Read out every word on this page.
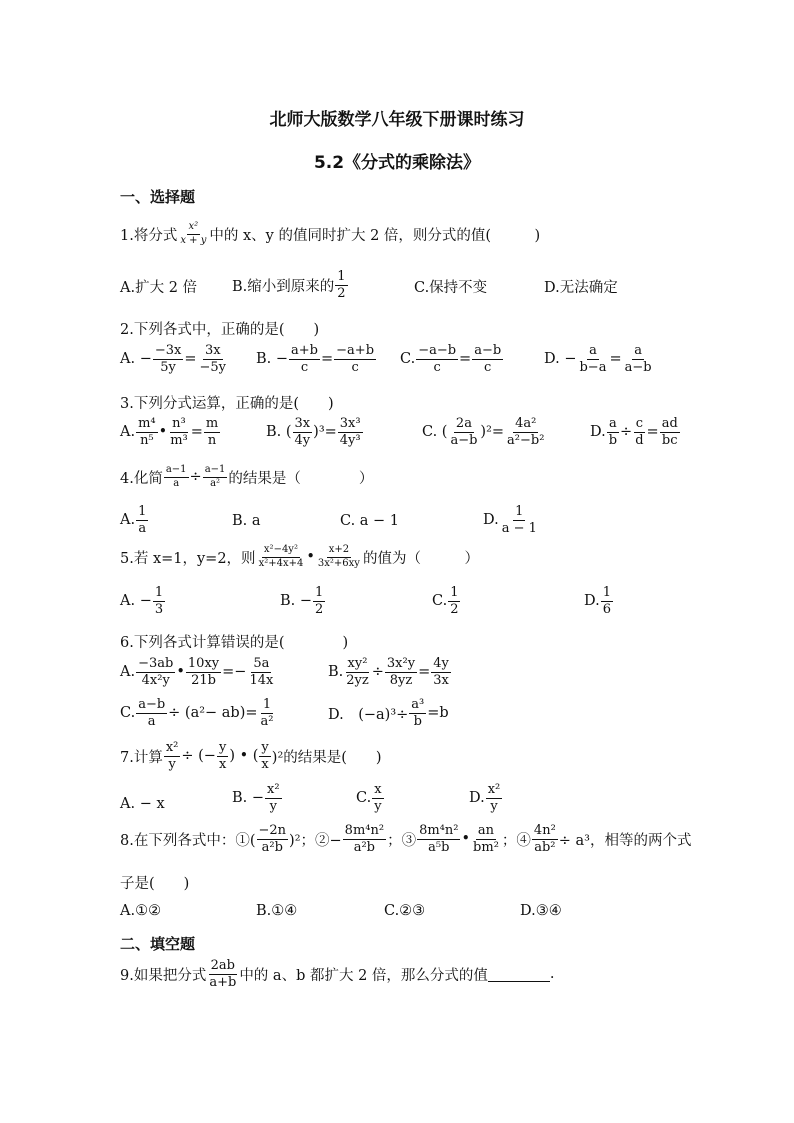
北师大版数学八年级下册课时练习
5.2《分式的乘除法》
一、选择题
1.将分式
x²
x + y 中的 x、y 的值同时扩大 2 倍，则分式的值(　　　)
A.扩大 2 倍 B.缩小到原来的
1
2	C.保持不变	D.无法确定
2.下列各式中，正确的是(　　)
A. − $\frac{-3x}{5y} = \frac{3x}{-5y} B$. − $\frac{a+b}{c} = \frac{-a+b}{c} C$. $\frac{-a-b}{c} = \frac{a-b}{c}$	D. − $\frac{a}{b-a} = \frac{a}{a-b}$
3.下列分式运算，正确的是(　　)
A.
m⁴
n⁵ • $\frac{\text{n³}}{\text{m³}} = \frac{m}{n}$	B. (
3x
4y )$^3= \frac{\text{3x³}}{\text{4y³}}$	C. (
2a
a−b )$^2= \frac{\text{4a²}}{\text{a²−b²}}$	D. $\frac{a}{b} \div \frac{c}{d} = \frac{ad}{bc}$
4.化简 $\frac{a-1}{a} \div \frac{a-1}{\text{a²}}$ 的结果是（　　　　）
A.
1
a	B. a	C. a − 1	D.
1
a − 1
5.若 x=1，y=2，则
x²−4y²
x²+4x+4 • x+2
3x²+6xy 的值为（　　　）
A. − $\frac{1}{3}$	B. − $\frac{1}{2}$	C.
1
2	D.
1
6
6.下列各式计算错误的是(　　　　)
A.
−3ab
4x²y • $\frac{10xy}{21b} =- \frac{5a}{14x}$	B. $\frac{\text{xy²}}{2yz} \div \frac{\text{3x²y}}{8yz} = \frac{4y}{3x}$
C. $\frac{a-b}{a} \div (a^2- ab)= \frac{1}{\text{a²}}$	D.　$(-a)^3\div \frac{\text{a³}}{b} =b$
7.计算 $\frac{\text{x²}}{y}$ ÷ (− $\frac{y}{x}$ ) • (
y
x )²的结果是(　　)
A. − x	B. − $\frac{\text{x²}}{y}$	C.
x
y	D.
x²
y
8.在下列各式中：①(
−2n
a²b )²；②− $\frac{\text{8m⁴n²}}{\text{a²b}}$ ；③
8m⁴n²
a⁵b •
an
bm² ；④ $\frac{\text{4n²}}{\text{ab²}} \div a^3$，相等的两个式
子是(　　)
A.①②	B.①④	C.②③	D.③④
二、填空题
9.如果把分式
2ab
a+b 中的 a、b 都扩大 2 倍，那么分式的值	.
